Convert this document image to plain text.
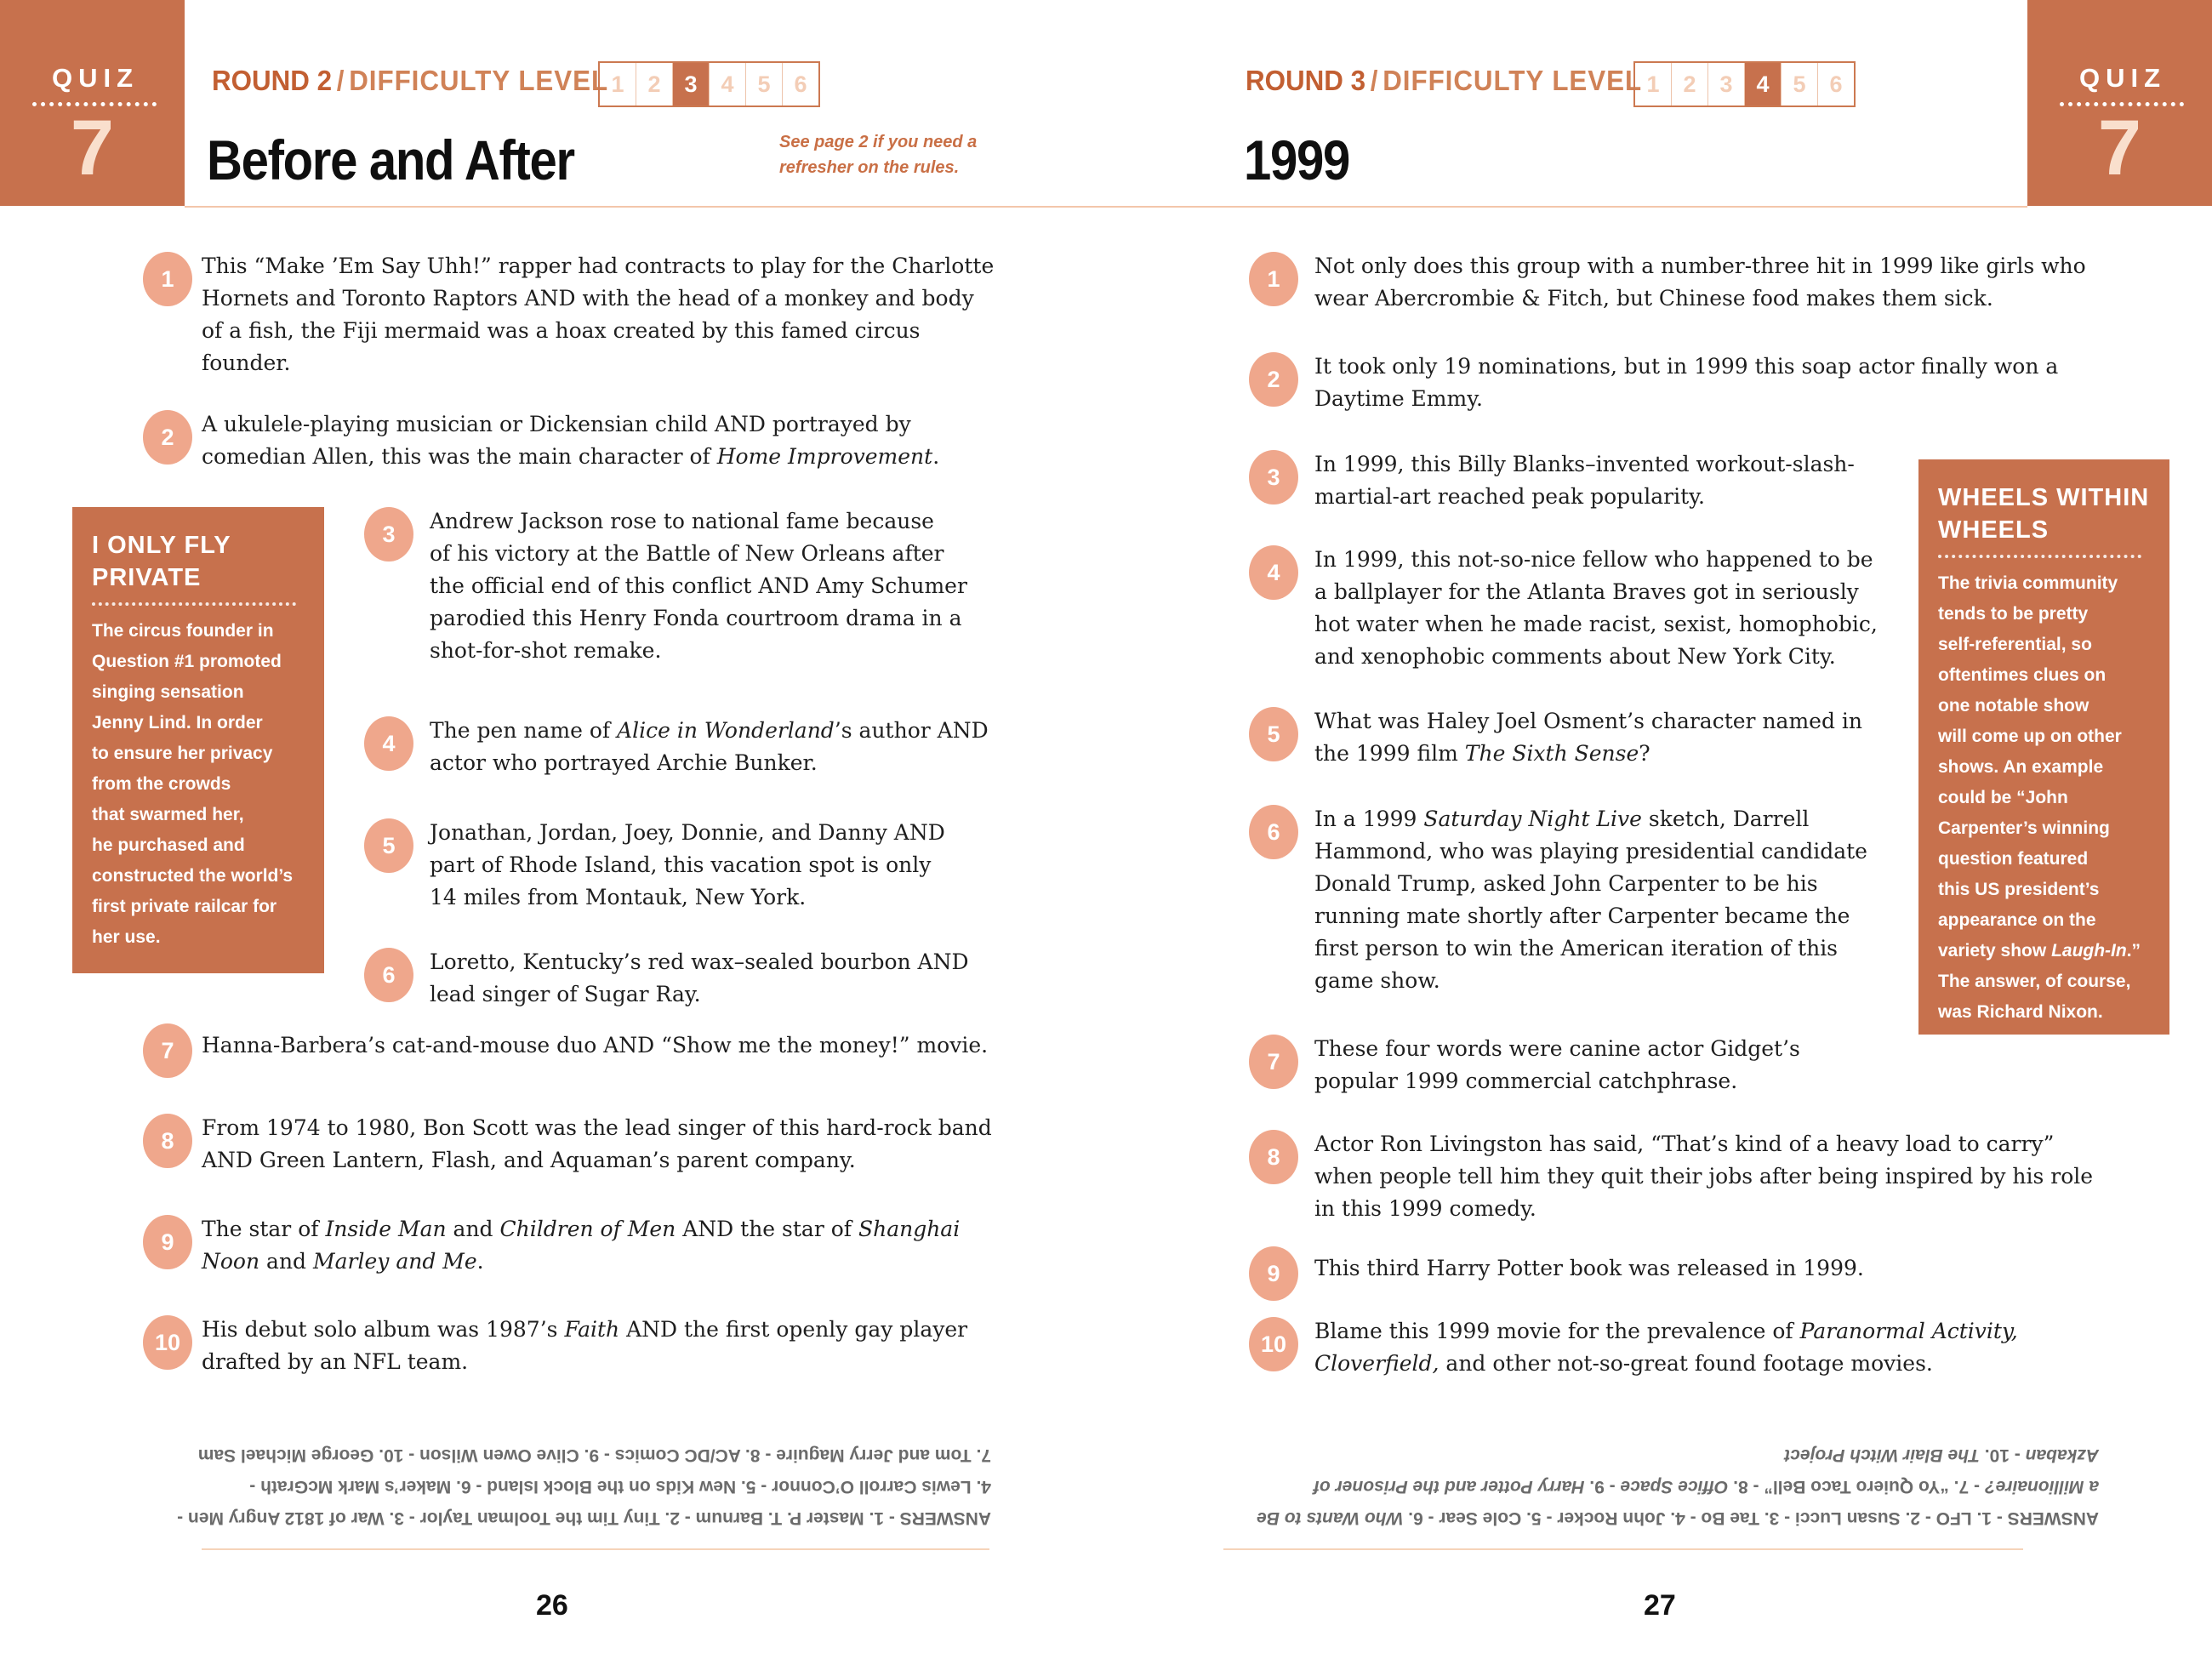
QUIZ
7
QUIZ
7
ROUND 2 / DIFFICULTY LEVEL 1	2	3	4	5	6
Before and After	See page 2 if you need a
refresher on the rules.
ROUND 3 / DIFFICULTY LEVEL 1	2	3	4	5	6
1999
I ONLY FLY
PRIVATE
The circus founder in
Question #1 promoted
singing sensation
Jenny Lind. In order
to ensure her privacy
from the crowds
that swarmed her,
he purchased and
constructed the world’s
first private railcar for
her use.
WHEELS WITHIN
WHEELS
The trivia community
tends to be pretty
self-referential, so
oftentimes clues on
one notable show
will come up on other
shows. An example
could be “John
Carpenter’s winning
question featured
this US president’s
appearance on the
variety show Laugh-In.”
The answer, of course,
was Richard Nixon.
1	This “Make ’Em Say Uhh!” rapper had contracts to play for the Charlotte
Hornets and Toronto Raptors AND with the head of a monkey and body
of a fish, the Fiji mermaid was a hoax created by this famed circus
founder.
2	A ukulele-playing musician or Dickensian child AND portrayed by
comedian Allen, this was the main character of Home Improvement.
3	Andrew Jackson rose to national fame because
of his victory at the Battle of New Orleans after
the official end of this conflict AND Amy Schumer
parodied this Henry Fonda courtroom drama in a
shot-for-shot remake.
4	The pen name of Alice in Wonderland’s author AND
actor who portrayed Archie Bunker.
5	Jonathan, Jordan, Joey, Donnie, and Danny AND
part of Rhode Island, this vacation spot is only
14 miles from Montauk, New York.
6	Loretto, Kentucky’s red wax–sealed bourbon AND
lead singer of Sugar Ray.
7	Hanna-Barbera’s cat-and-mouse duo AND “Show me the money!” movie.
8	From 1974 to 1980, Bon Scott was the lead singer of this hard-rock band
AND Green Lantern, Flash, and Aquaman’s parent company.
9	The star of Inside Man and Children of Men AND the star of Shanghai
Noon and Marley and Me.
10 His debut solo album was 1987’s Faith AND the first openly gay player
drafted by an NFL team.
1	Not only does this group with a number-three hit in 1999 like girls who
wear Abercrombie & Fitch, but Chinese food makes them sick.
2	It took only 19 nominations, but in 1999 this soap actor finally won a
Daytime Emmy.
3	In 1999, this Billy Blanks–invented workout-slash-
martial-art reached peak popularity.
4	In 1999, this not-so-nice fellow who happened to be
a ballplayer for the Atlanta Braves got in seriously
hot water when he made racist, sexist, homophobic,
and xenophobic comments about New York City.
5	What was Haley Joel Osment’s character named in
the 1999 film The Sixth Sense?
6	In a 1999 Saturday Night Live sketch, Darrell
Hammond, who was playing presidential candidate
Donald Trump, asked John Carpenter to be his
running mate shortly after Carpenter became the
first person to win the American iteration of this
game show.
7	These four words were canine actor Gidget’s
popular 1999 commercial catchphrase.
8	Actor Ron Livingston has said, “That’s kind of a heavy load to carry”
when people tell him they quit their jobs after being inspired by his role
in this 1999 comedy.
9	This third Harry Potter book was released in 1999.
10	Blame this 1999 movie for the prevalence of Paranormal Activity,
Cloverfield, and other not-so-great found footage movies.
ANSWERS - 1. Master P. T. Barnum - 2. Tiny Tim the Toolman Taylor - 3. War of 1812 Angry Men -
4. Lewis Carroll O’Connor - 5. New Kids on the Block Island - 6. Maker’s Mark McGrath -
7. Tom and Jerry Maguire - 8. AC/DC Comics - 9. Clive Owen Wilson - 10. George Michael Sam
ANSWERS - 1. LFO - 2. Susan Lucci - 3. Tae Bo - 4. John Rocker - 5. Cole Sear - 6. Who Wants to Be
a Millionaire? - 7. “Yo Quiero Taco Bell” - 8. Office Space - 9. Harry Potter and the Prisoner of
Azkaban - 10. The Blair Witch Project
26	27
